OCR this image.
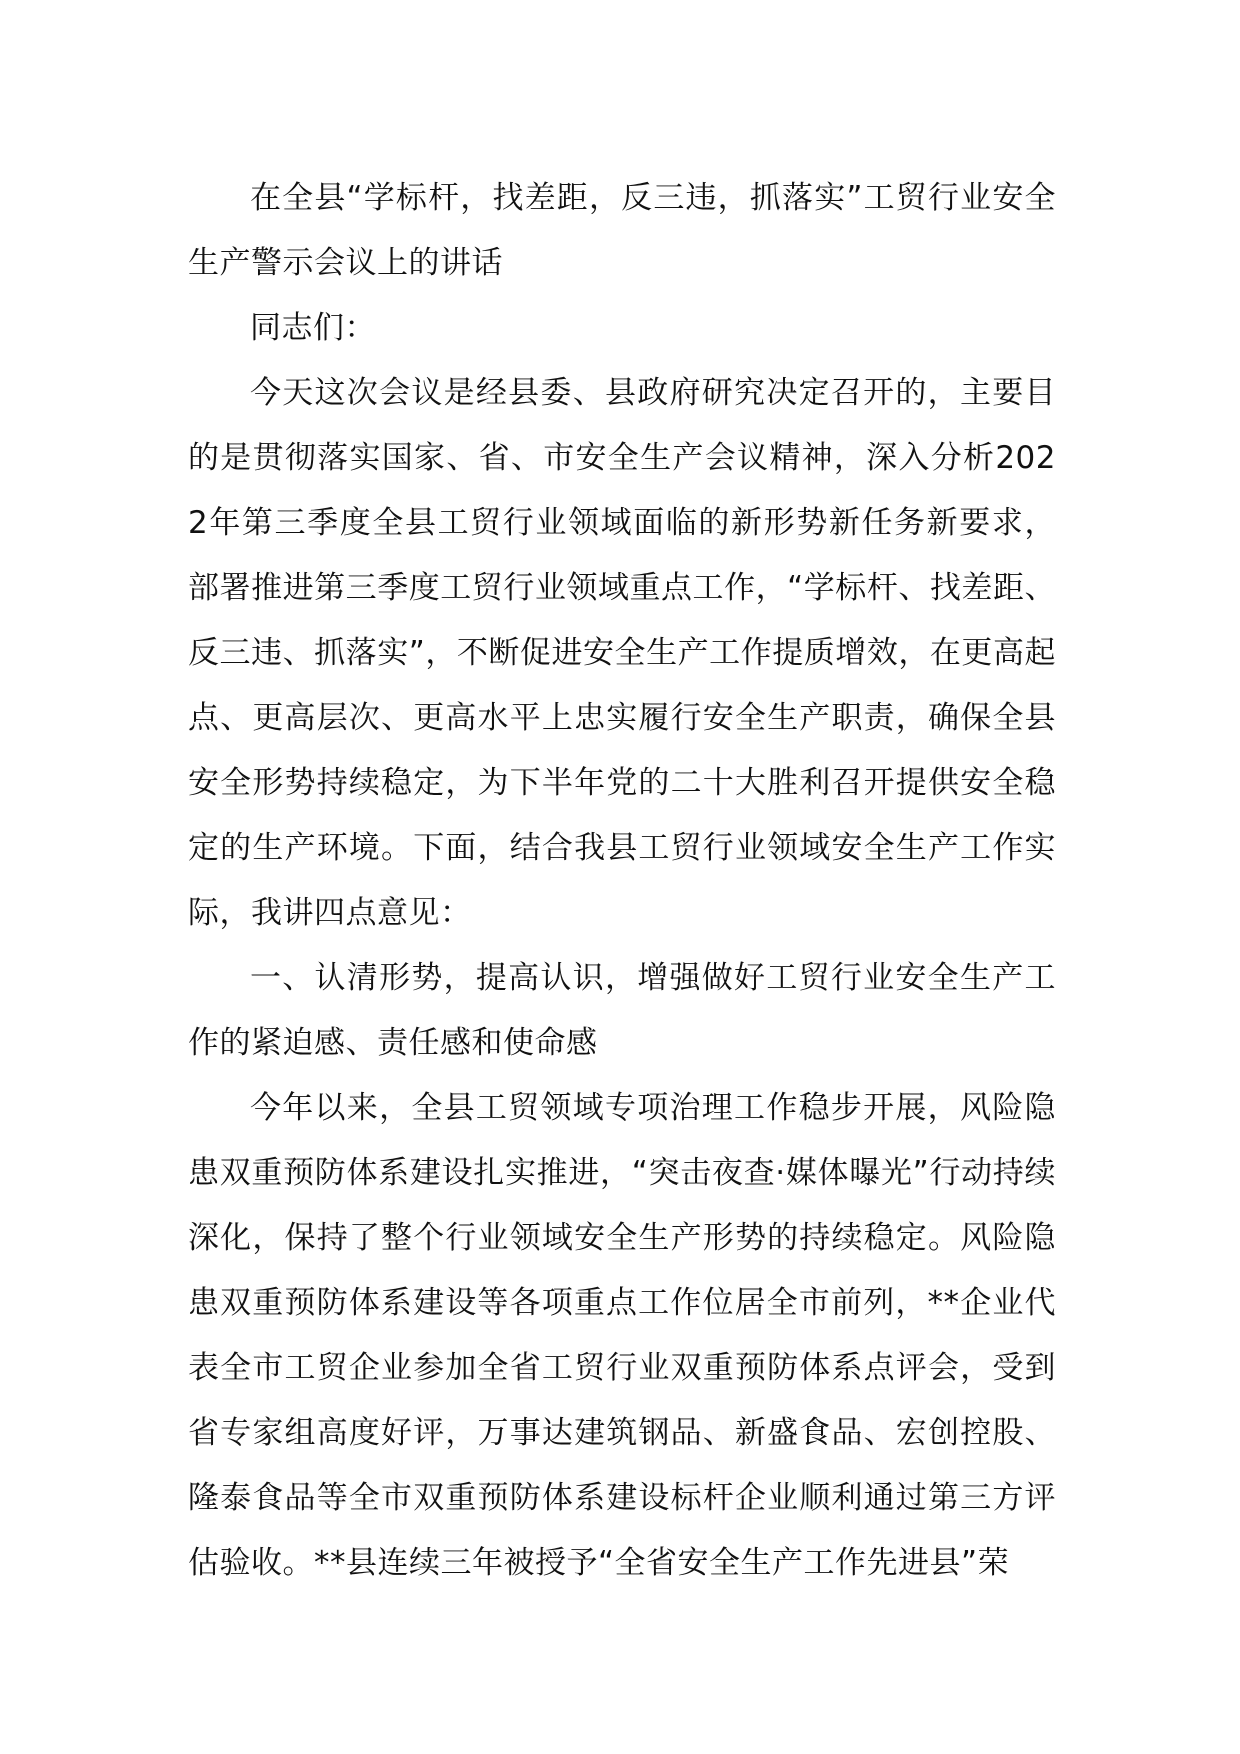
在全县“学标杆，找差距，反三违，抓落实”工贸行业安全生产警示会议上的讲话

同志们：

今天这次会议是经县委、县政府研究决定召开的，主要目的是贯彻落实国家、省、市安全生产会议精神，深入分析2022年第三季度全县工贸行业领域面临的新形势新任务新要求，部署推进第三季度工贸行业领域重点工作，“学标杆、找差距、反三违、抓落实”，不断促进安全生产工作提质增效，在更高起点、更高层次、更高水平上忠实履行安全生产职责，确保全县安全形势持续稳定，为下半年党的二十大胜利召开提供安全稳定的生产环境。下面，结合我县工贸行业领域安全生产工作实际，我讲四点意见：

一、认清形势，提高认识，增强做好工贸行业安全生产工作的紧迫感、责任感和使命感

今年以来，全县工贸领域专项治理工作稳步开展，风险隐患双重预防体系建设扎实推进，“突击夜查·媒体曝光”行动持续深化，保持了整个行业领域安全生产形势的持续稳定。风险隐患双重预防体系建设等各项重点工作位居全市前列，**企业代表全市工贸企业参加全省工贸行业双重预防体系点评会，受到省专家组高度好评，万事达建筑钢品、新盛食品、宏创控股、隆泰食品等全市双重预防体系建设标杆企业顺利通过第三方评估验收。**县连续三年被授予“全省安全生产工作先进县”荣
